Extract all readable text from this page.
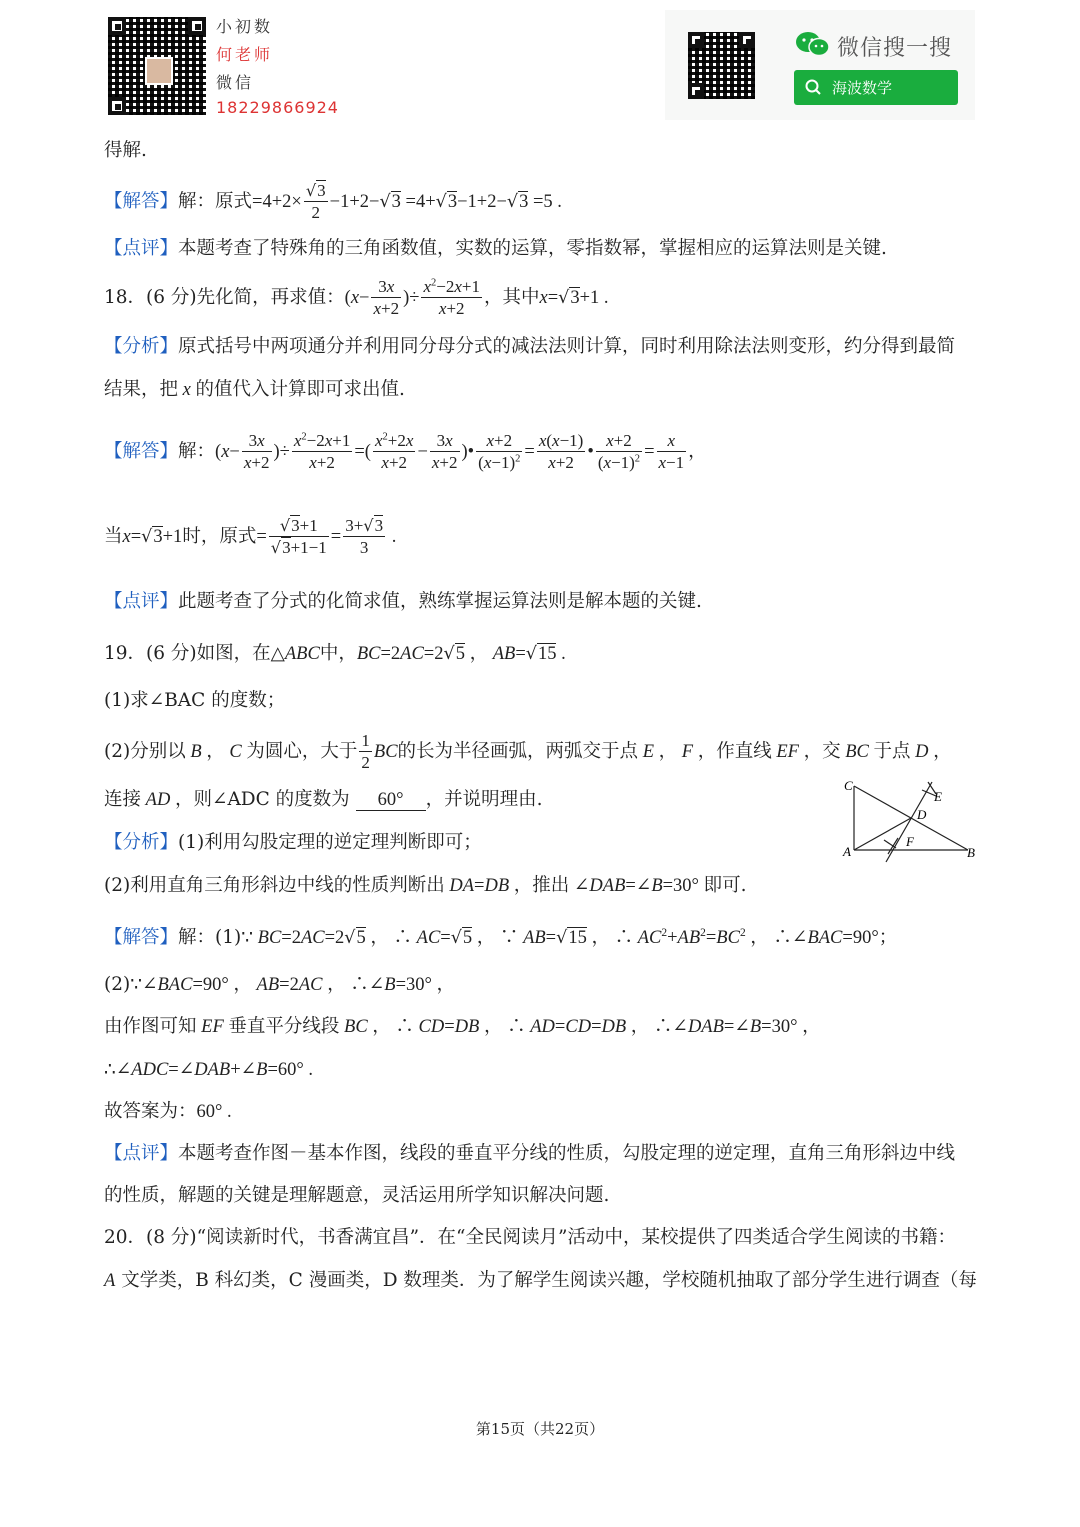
小初数
何老师
微信
18229866924
微信搜一搜
海波数学
得解.
【解答】解：原式$=4+2\times \frac{√3}{2} -1+2-√3 =4+√3-1+2-√3 =5$ .
【点评】本题考查了特殊角的三角函数值，实数的运算，零指数幂，掌握相应的运算法则是关键.
18．(6 分)先化简，再求值：($x- \frac{3x}{x+2}$ )÷ $\frac{x^2-2x+1}{x+2}$ ，其中x=√3+1 .
【分析】原式括号中两项通分并利用同分母分式的减法法则计算，同时利用除法法则变形，约分得到最简
结果，把 x 的值代入计算即可求出值.
【解答】解：($x- \frac{3x}{x+2}$ )÷ $\frac{x^2-2x+1}{x+2}$ =( $\frac{x^2+2x}{x+2} - \frac{3x}{x+2}$ )• $\frac{x+2}{(x-1)^2} = \frac{x(x-1)}{x+2}$ • $\frac{x+2}{(x-1)^2} = \frac{x}{x-1}$ ，
当x=√3+1时，原式= $\frac{√3+1}{√3+1-1} = \frac{3+√3}{3}$ .
【点评】此题考查了分式的化简求值，熟练掌握运算法则是解本题的关键.
19．(6 分)如图，在△ABC中，BC=2AC=2√5 ， AB=√15 .
(1)求∠BAC 的度数；
(2)分别以 B ， C 为圆心，大于 $\frac{1}{2}$ BC的长为半径画弧，两弧交于点 E ， F ，作直线 EF ，交 BC 于点 D ，
连接 AD ，则∠ADC 的度数为 60° ，并说明理由.
C
E
D
F
A	B
【分析】(1)利用勾股定理的逆定理判断即可；
(2)利用直角三角形斜边中线的性质判断出 DA=DB ，推出 ∠DAB=∠B=30° 即可.
【解答】解：(1)∵ BC=2AC=2√5 ， ∴ AC=√5 ， ∵ AB=√15 ， ∴ $AC^2+AB^2=BC^2$ ， ∴∠BAC=90°；
(2)∵∠BAC=90° ， AB=2AC ， ∴∠B=30° ，
由作图可知 EF 垂直平分线段 BC ， ∴ CD=DB ， ∴ AD=CD=DB ， ∴∠DAB=∠B=30° ，
∴∠ADC=∠DAB+∠B=60° .
故答案为：60° .
【点评】本题考查作图－基本作图，线段的垂直平分线的性质，勾股定理的逆定理，直角三角形斜边中线
的性质，解题的关键是理解题意，灵活运用所学知识解决问题.
20．(8 分)“阅读新时代，书香满宜昌”．在“全民阅读月”活动中，某校提供了四类适合学生阅读的书籍：
A 文学类，B 科幻类，C 漫画类，D 数理类．为了解学生阅读兴趣，学校随机抽取了部分学生进行调查（每
第15页（共22页）
